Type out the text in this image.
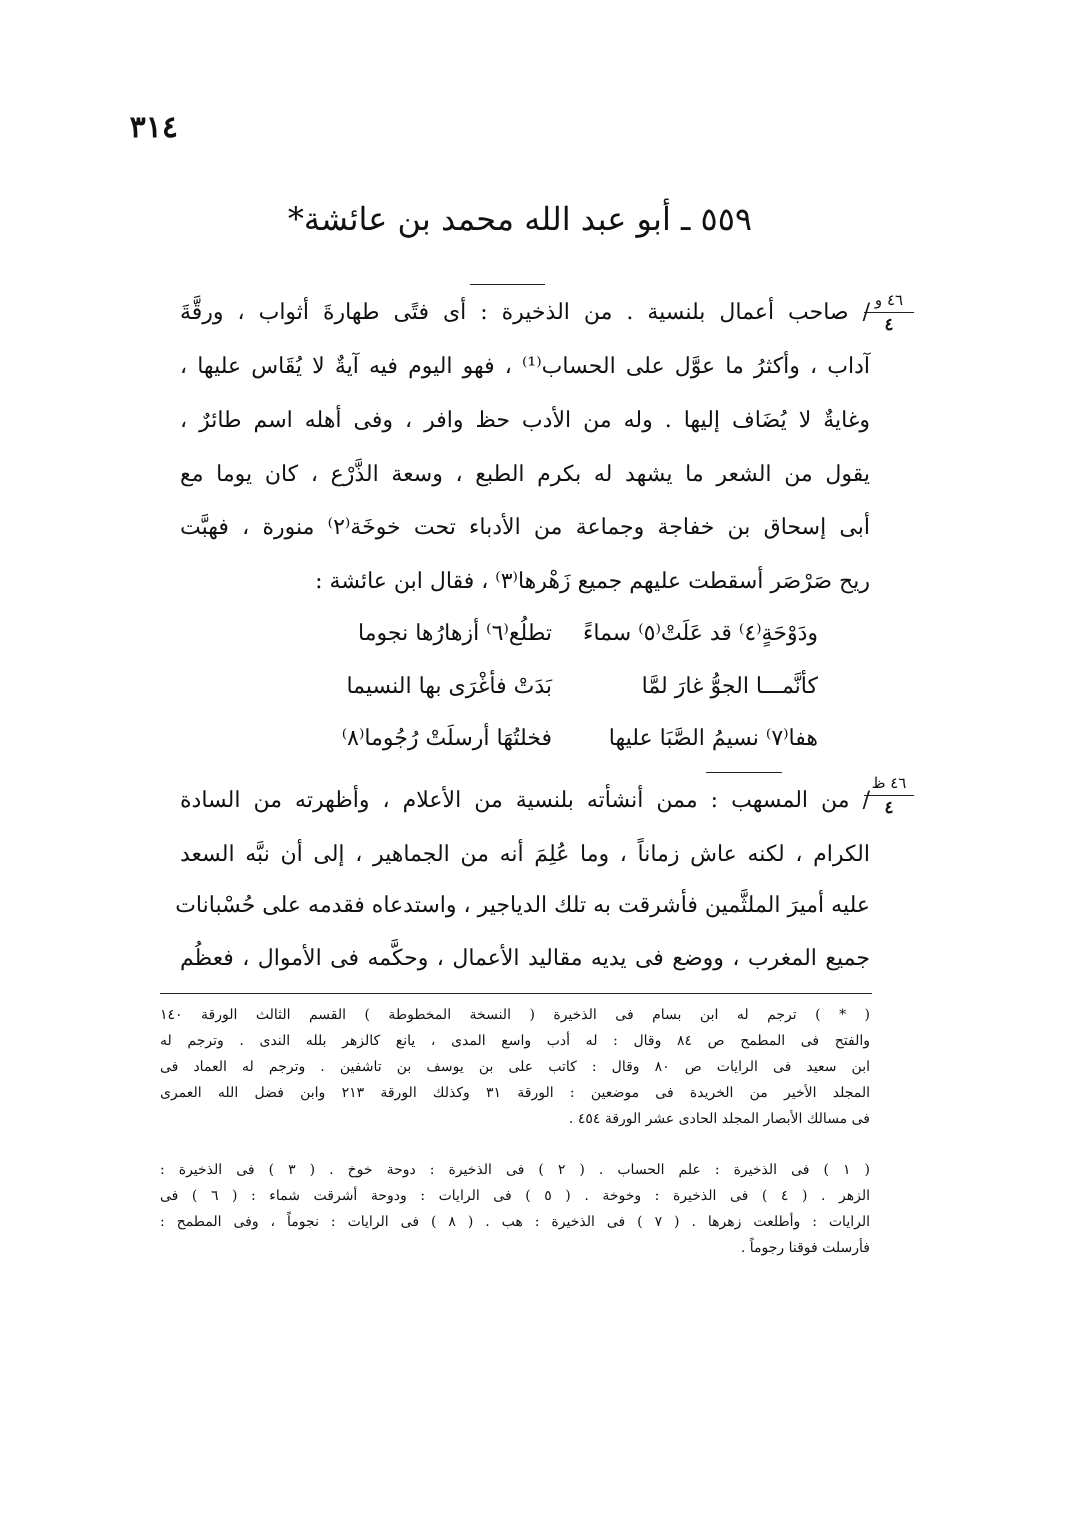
٣١٤
٥٥٩ ـ أبو عبد الله محمد بن عائشة*
٤٦ و
٤
/ صاحب أعمال بلنسية . من الذخيرة : أى فتًى طهارةَ أثواب ، ورقَّةَ
آداب ، وأكثرُ ما عوَّل على الحساب⁽¹⁾ ، فهو اليوم فيه آيةٌ لا يُقَاس عليها ،
وغايةٌ لا يُضَاف إليها . وله من الأدب حظ وافر ، وفى أهله اسم طائرٌ ،
يقول من الشعر ما يشهد له بكرم الطبع ، وسعة الذَّرْع ، كان يوما مع
أبى إسحاق بن خفاجة وجماعة من الأدباء تحت خوخَة⁽٢⁾ منورة ، فهبَّت
ريح صَرْصَر أسقطت عليهم جميع زَهْرها⁽٣⁾ ، فقال ابن عائشة :
ودَوْحَةٍ⁽٤⁾ قد عَلَتْ⁽٥⁾ سماءً
تطلُع⁽٦⁾ أزهارُها نجوما
كأنَّمـــا الجوُّ غارَ لمَّا
بَدَتْ فأغْرَى بها النسيما
هفا⁽٧⁾ نسيمُ الصَّبَا عليها
فخلتُهَا أرسلَتْ رُجُوما⁽٨⁾
٤٦ ظ
٤
/ من المسهب : ممن أنشأته بلنسية من الأعلام ، وأظهرته من السادة
الكرام ، لكنه عاش زماناً ، وما عُلِمَ أنه من الجماهير ، إلى أن نبَّه السعد
عليه أميرَ الملثَّمين فأشرقت به تلك الدياجير ، واستدعاه فقدمه على حُسْبانات
جميع المغرب ، ووضع فى يديه مقاليد الأعمال ، وحكَّمه فى الأموال ، فعظُم
( * ) ترجم له ابن بسام فى الذخيرة ( النسخة المخطوطة ) القسم الثالث الورقة ١٤٠
والفتح فى المطمح ص ٨٤ وقال : له أدب واسع المدى ، يانع كالزهر بلله الندى . وترجم له
ابن سعيد فى الرايات ص ٨٠ وقال : كاتب على بن يوسف بن تاشفين . وترجم له العماد فى
المجلد الأخير من الخريدة فى موضعين : الورقة ٣١ وكذلك الورقة ٢١٣ وابن فضل الله العمرى
فى مسالك الأبصار المجلد الحادى عشر الورقة ٤٥٤ .
( ١ ) فى الذخيرة : علم الحساب . ( ٢ ) فى الذخيرة : دوحة خوخ . ( ٣ ) فى الذخيرة :
الزهر . ( ٤ ) فى الذخيرة : وخوخة . ( ٥ ) فى الرايات : ودوحة أشرقت شماء : ( ٦ ) فى
الرايات : وأطلعت زهرها . ( ٧ ) فى الذخيرة : هب . ( ٨ ) فى الرايات : نجوماً ، وفى المطمح :
فأرسلت فوقنا رجوماً .
